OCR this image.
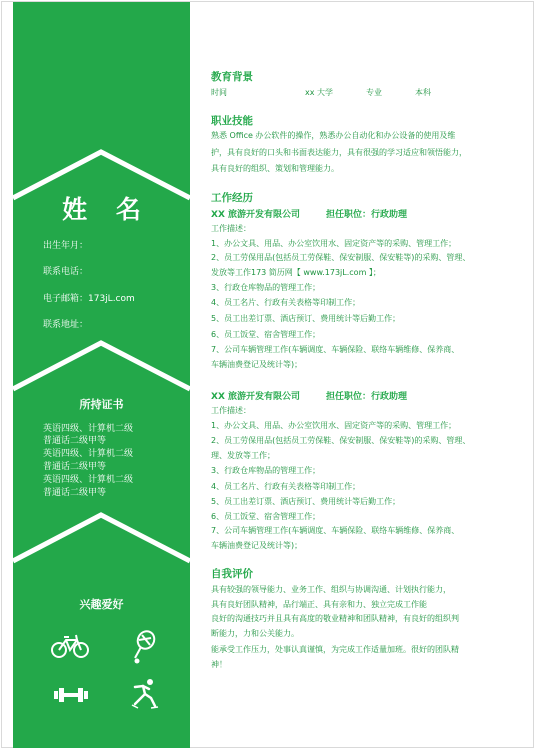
姓 名
出生年月：
联系电话：
电子邮箱：173jL.com
联系地址：
所持证书
英语四级、计算机二级
普通话二级甲等
英语四级、计算机二级
普通话二级甲等
英语四级、计算机二级
普通话二级甲等
兴趣爱好
教育背景
时间	xx 大学	专业	本科
职业技能
熟悉 Office 办公软件的操作，熟悉办公自动化和办公设备的使用及维
护，具有良好的口头和书面表达能力，具有很强的学习适应和领悟能力，
具有良好的组织、策划和管理能力。
工作经历
XX 旅游开发有限公司	担任职位：行政助理
工作描述：
1、办公文具、用品、办公室饮用水、固定资产等的采购、管理工作；
2、员工劳保用品(包括员工劳保鞋、保安制服、保安鞋等)的采购、管理、
发放等工作173 简历网【 www.173jL.com 】；
3、行政仓库物品的管理工作；
4、员工名片、行政有关表格等印制工作；
5、员工出差订票、酒店预订、费用统计等后勤工作；
6、员工饭堂、宿舍管理工作；
7、公司车辆管理工作(车辆调度、车辆保险、联络车辆维修、保养商、
车辆油费登记及统计等)；
XX 旅游开发有限公司	担任职位：行政助理
工作描述：
1、办公文具、用品、办公室饮用水、固定资产等的采购、管理工作；
2、员工劳保用品(包括员工劳保鞋、保安制服、保安鞋等)的采购、管理、
理、发放等工作；
3、行政仓库物品的管理工作；
4、员工名片、行政有关表格等印制工作；
5、员工出差订票、酒店预订、费用统计等后勤工作；
6、员工饭堂、宿舍管理工作；
7、公司车辆管理工作(车辆调度、车辆保险、联络车辆维修、保养商、
车辆油费登记及统计等)；
自我评价
具有较强的领导能力、业务工作、组织与协调沟通、计划执行能力，
具有良好团队精神，品行端正、具有亲和力、独立完成工作能
良好的沟通技巧并且具有高度的敬业精神和团队精神，有良好的组织判
断能力，力和公关能力。
能承受工作压力，处事认真谨慎，为完成工作适量加班。很好的团队精
神！
